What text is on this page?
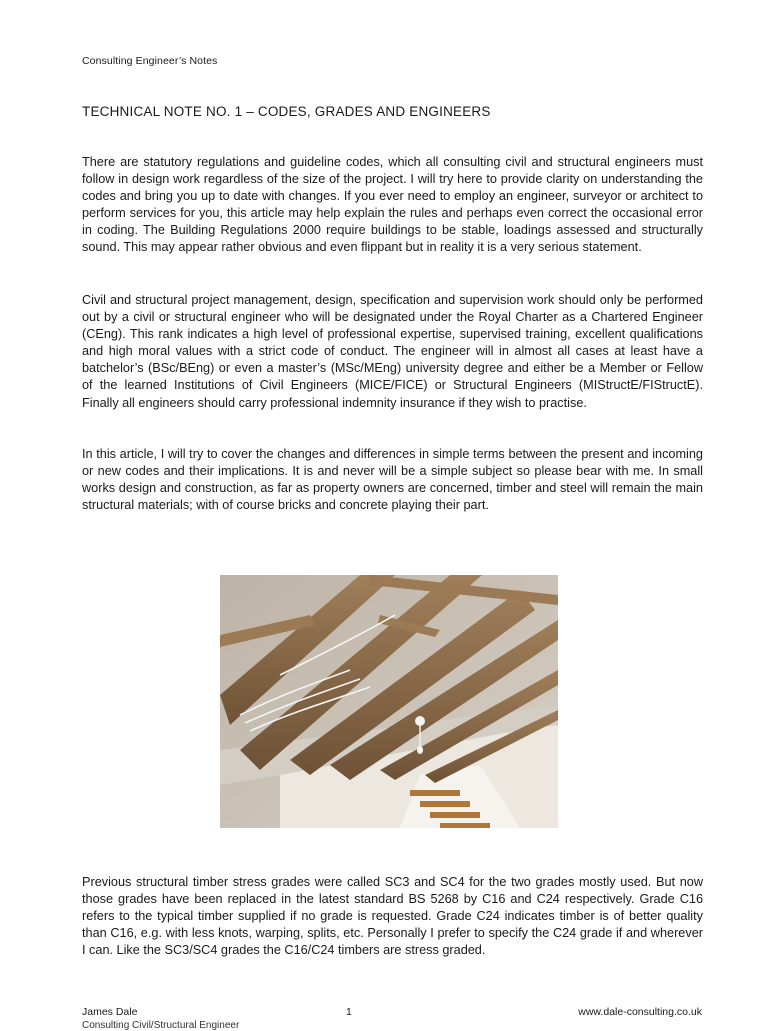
Consulting Engineer’s Notes
TECHNICAL NOTE NO. 1 – CODES, GRADES AND ENGINEERS

There are statutory regulations and guideline codes, which all consulting civil and structural engineers must follow in design work regardless of the size of the project. I will try here to provide clarity on understanding the codes and bring you up to date with changes. If you ever need to employ an engineer, surveyor or architect to perform services for you, this article may help explain the rules and perhaps even correct the occasional error in coding. The Building Regulations 2000 require buildings to be stable, loadings assessed and structurally sound. This may appear rather obvious and even flippant but in reality it is a very serious statement.

Civil and structural project management, design, specification and supervision work should only be performed out by a civil or structural engineer who will be designated under the Royal Charter as a Chartered Engineer (CEng). This rank indicates a high level of professional expertise, supervised training, excellent qualifications and high moral values with a strict code of conduct. The engineer will in almost all cases at least have a batchelor’s (BSc/BEng) or even a master’s (MSc/MEng) university degree and either be a Member or Fellow of the learned Institutions of Civil Engineers (MICE/FICE) or Structural Engineers (MIStructE/FIStructE). Finally all engineers should carry professional indemnity insurance if they wish to practise.

In this article, I will try to cover the changes and differences in simple terms between the present and incoming or new codes and their implications. It is and never will be a simple subject so please bear with me. In small works design and construction, as far as property owners are concerned, timber and steel will remain the main structural materials; with of course bricks and concrete playing their part.

Previous structural timber stress grades were called SC3 and SC4 for the two grades mostly used. But now those grades have been replaced in the latest standard BS 5268 by C16 and C24 respectively. Grade C16 refers to the typical timber supplied if no grade is requested. Grade C24 indicates timber is of better quality than C16, e.g. with less knots, warping, splits, etc. Personally I prefer to specify the C24 grade if and wherever I can. Like the SC3/SC4 grades the C16/C24 timbers are stress graded.

James Dale	1	www.dale-consulting.co.uk
Consulting Civil/Structural Engineer
